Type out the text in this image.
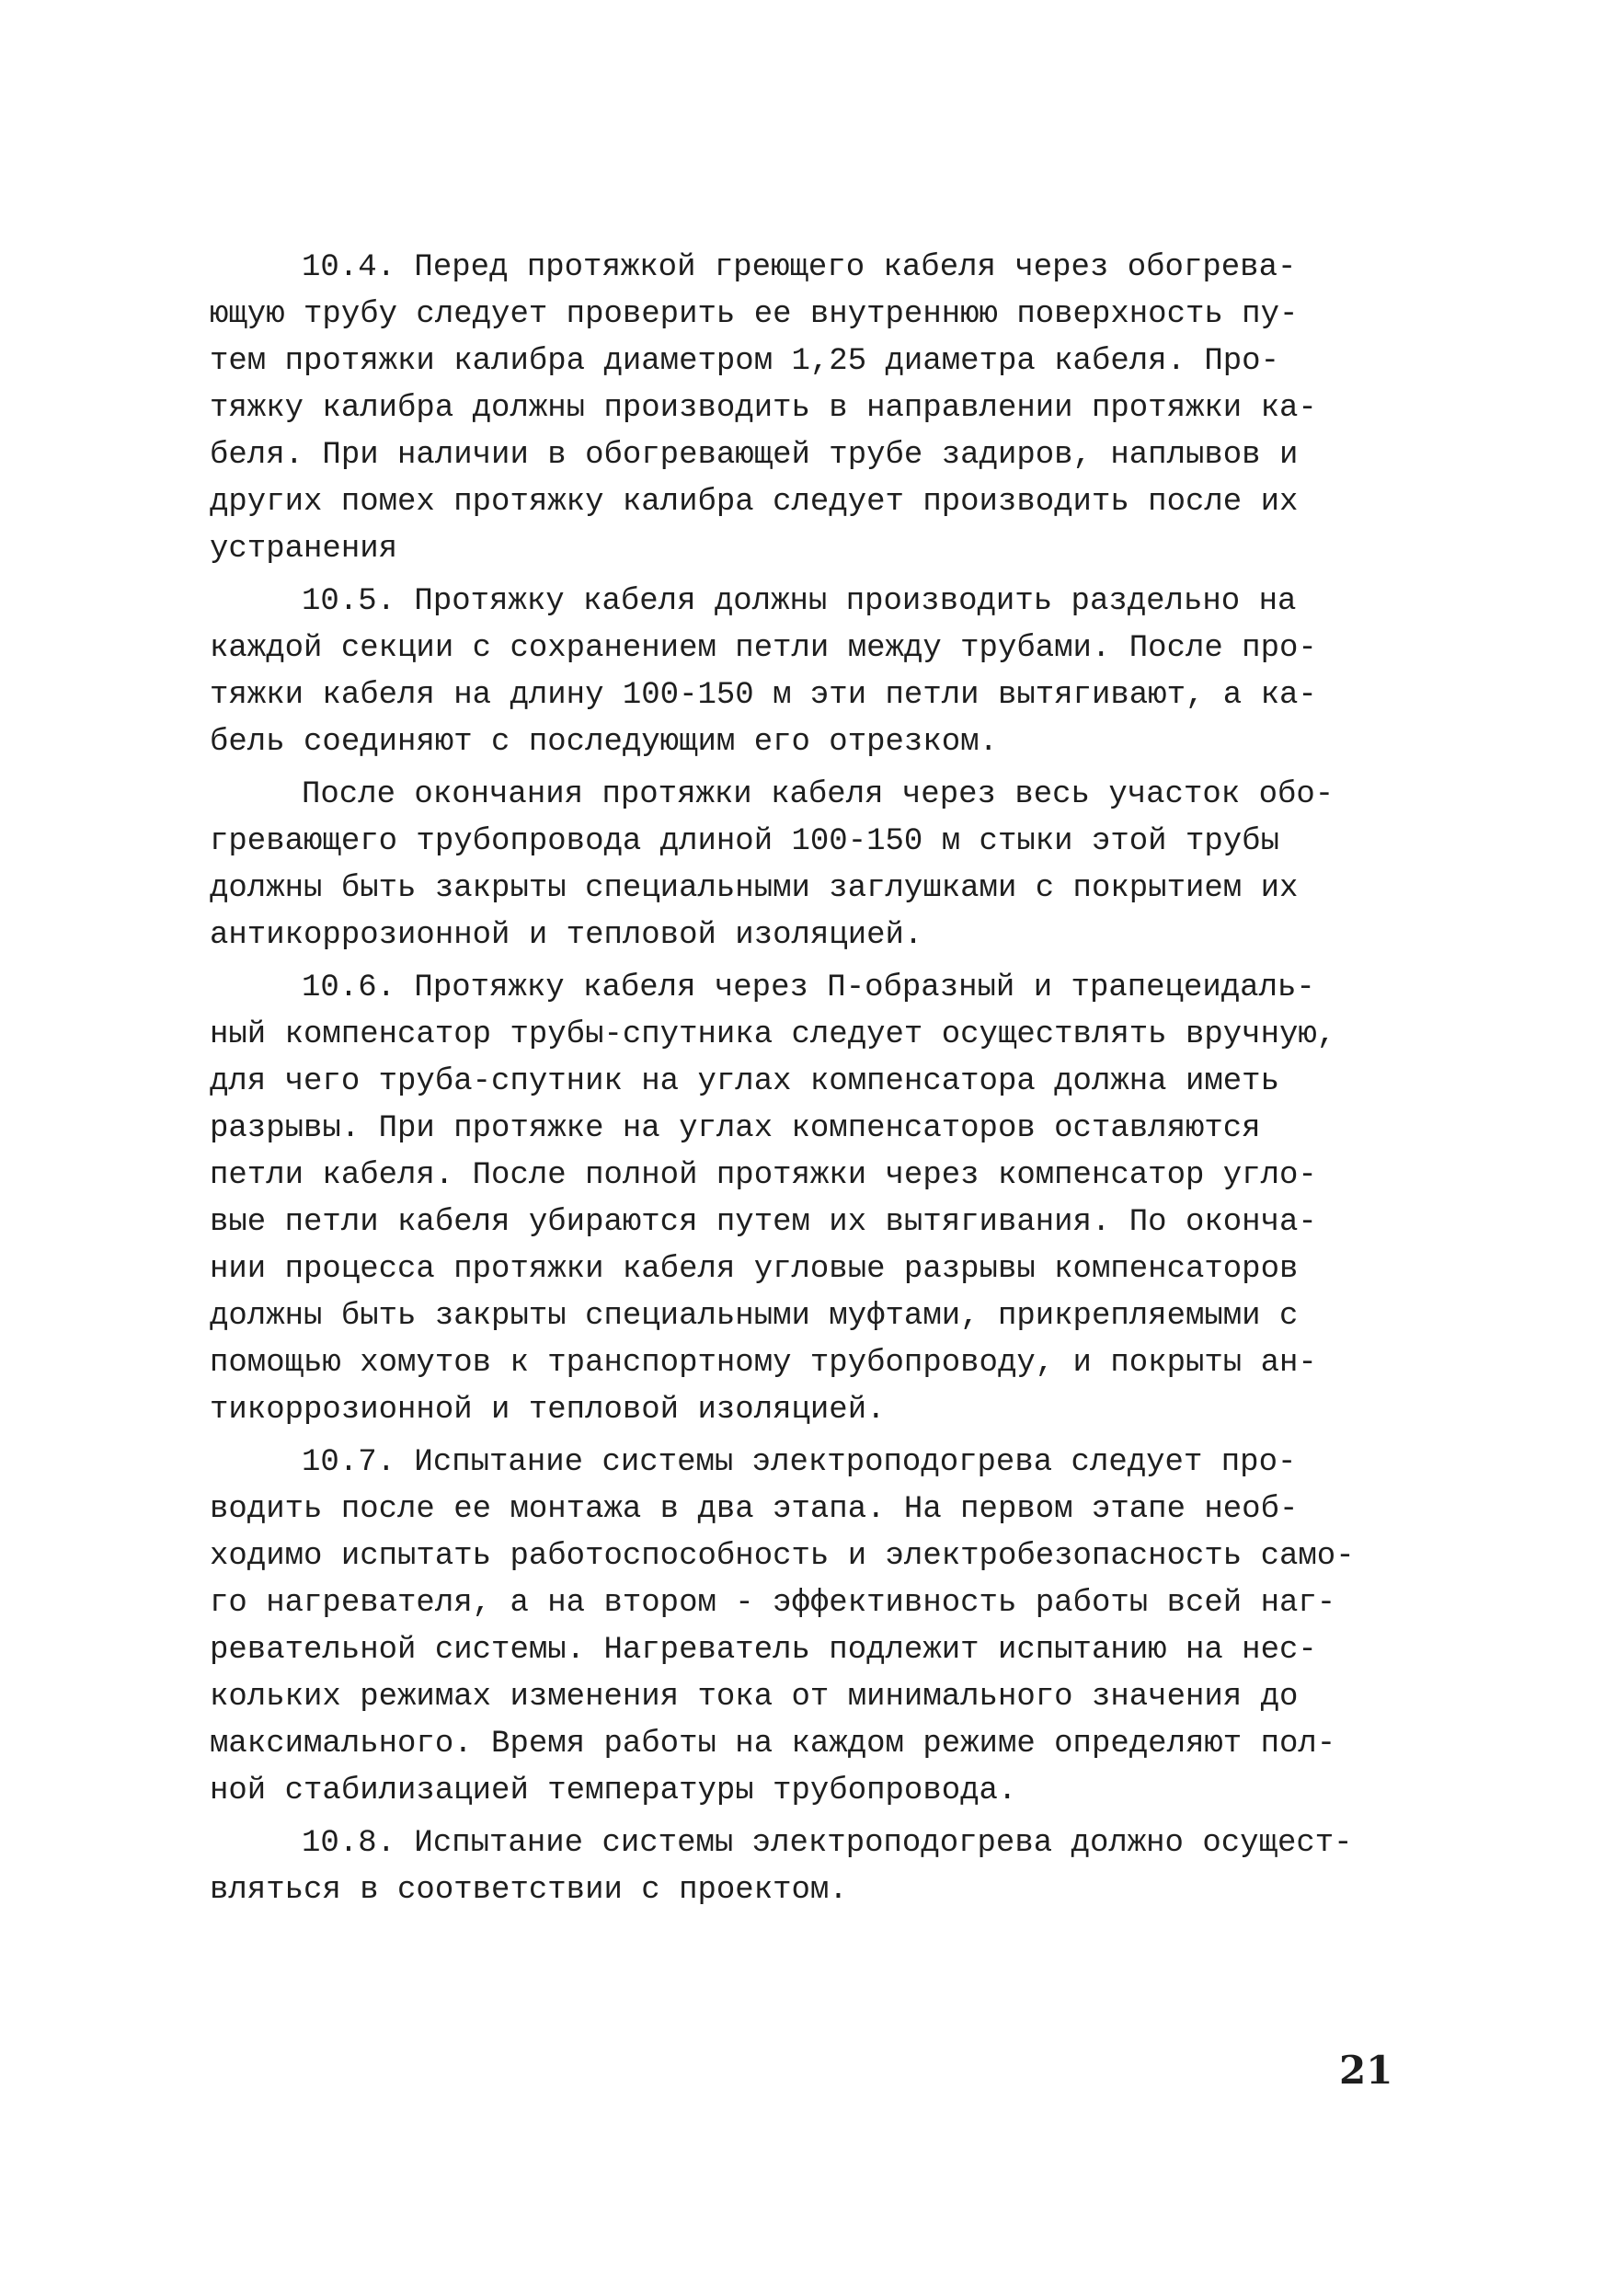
10.4. Перед протяжкой греющего кабеля через обогрева-
ющую трубу следует проверить ее внутреннюю поверхность пу-
тем протяжки калибра диаметром 1,25 диаметра кабеля. Про-
тяжку калибра должны производить в направлении протяжки ка-
беля. При наличии в обогревающей трубе задиров, наплывов и
других помех протяжку калибра следует производить после их
устранения
10.5. Протяжку кабеля должны производить раздельно на
каждой секции с сохранением петли между трубами. После про-
тяжки кабеля на длину 100-150 м эти петли вытягивают, а ка-
бель соединяют с последующим его отрезком.
После окончания протяжки кабеля через весь участок обо-
гревающего трубопровода длиной 100-150 м стыки этой трубы
должны быть закрыты специальными заглушками с покрытием их
антикоррозионной и тепловой изоляцией.
10.6. Протяжку кабеля через П-образный и трапецеидаль-
ный компенсатор трубы-спутника следует осуществлять вручную,
для чего труба-спутник на углах компенсатора должна иметь
разрывы. При протяжке на углах компенсаторов оставляются
петли кабеля. После полной протяжки через компенсатор угло-
вые петли кабеля убираются путем их вытягивания. По оконча-
нии процесса протяжки кабеля угловые разрывы компенсаторов
должны быть закрыты специальными муфтами, прикрепляемыми с
помощью хомутов к транспортному трубопроводу, и покрыты ан-
тикоррозионной и тепловой изоляцией.
10.7. Испытание системы электроподогрева следует про-
водить после ее монтажа в два этапа. На первом этапе необ-
ходимо испытать работоспособность и электробезопасность само-
го нагревателя, а на втором - эффективность работы всей наг-
ревательной системы. Нагреватель подлежит испытанию на нес-
кольких режимах изменения тока от минимального значения до
максимального. Время работы на каждом режиме определяют пол-
ной стабилизацией температуры трубопровода.
10.8. Испытание системы электроподогрева должно осущест-
вляться в соответствии с проектом.
21
